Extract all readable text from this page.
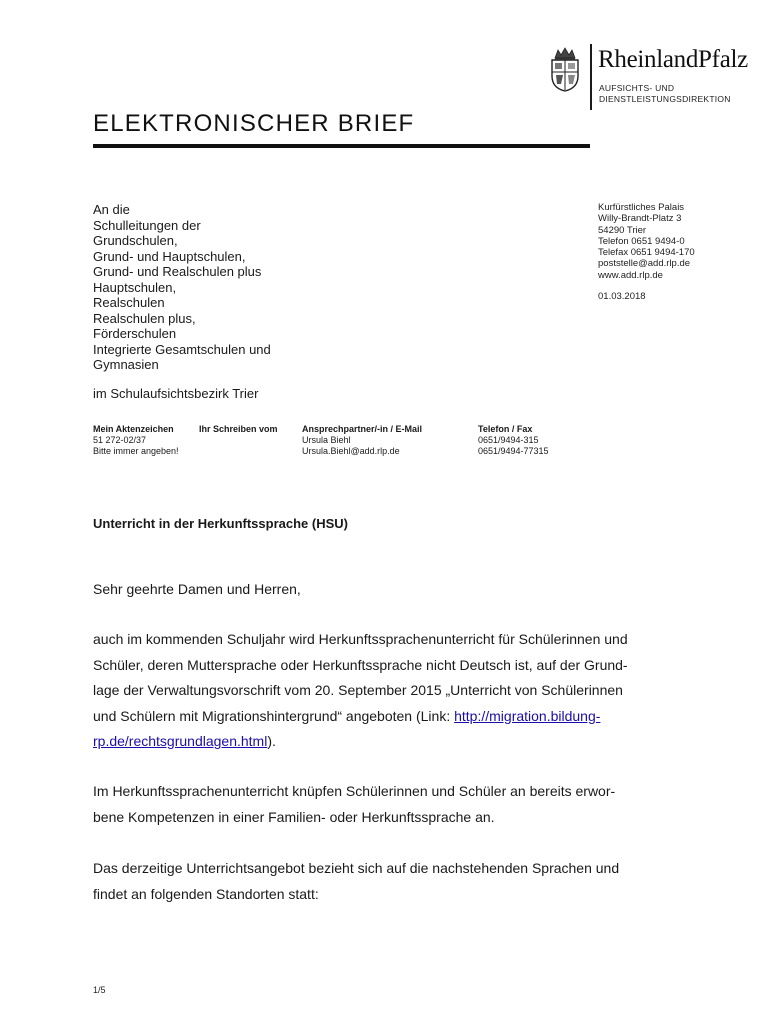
RheinlandPfalz
AUFSICHTS- UND
DIENSTLEISTUNGSDIREKTION
ELEKTRONISCHER BRIEF
An die
Schulleitungen der
Grundschulen,
Grund- und Hauptschulen,
Grund- und Realschulen plus
Hauptschulen,
Realschulen
Realschulen plus,
Förderschulen
Integrierte Gesamtschulen und
Gymnasien
im Schulaufsichtsbezirk Trier
Kurfürstliches Palais
Willy-Brandt-Platz 3
54290 Trier
Telefon 0651 9494-0
Telefax 0651 9494-170
poststelle@add.rlp.de
www.add.rlp.de
01.03.2018
Mein Aktenzeichen
51 272-02/37
Bitte immer angeben!
Ihr Schreiben vom	Ansprechpartner/-in / E-Mail
Ursula Biehl
Ursula.Biehl@add.rlp.de
Telefon / Fax
0651/9494-315
0651/9494-77315
Unterricht in der Herkunftssprache (HSU)
Sehr geehrte Damen und Herren,
auch im kommenden Schuljahr wird Herkunftssprachenunterricht für Schülerinnen und
Schüler, deren Muttersprache oder Herkunftssprache nicht Deutsch ist, auf der Grund-
lage der Verwaltungsvorschrift vom 20. September 2015 „Unterricht von Schülerinnen
und Schülern mit Migrationshintergrund“ angeboten (Link: http://migration.bildung-
rp.de/rechtsgrundlagen.html).
Im Herkunftssprachenunterricht knüpfen Schülerinnen und Schüler an bereits erwor-
bene Kompetenzen in einer Familien- oder Herkunftssprache an.
Das derzeitige Unterrichtsangebot bezieht sich auf die nachstehenden Sprachen und
findet an folgenden Standorten statt:
1/5
